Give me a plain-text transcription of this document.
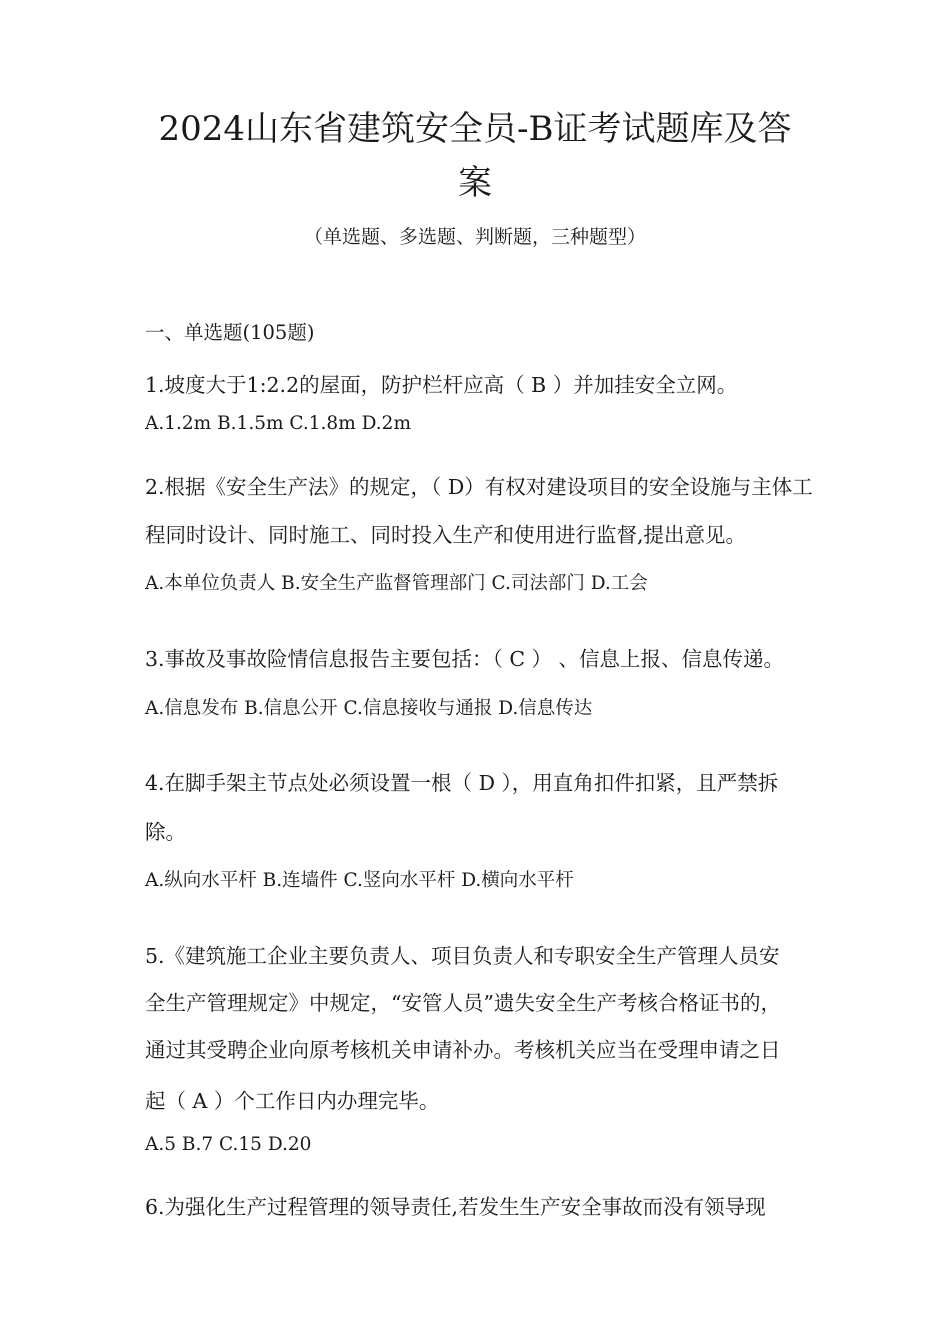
2024山东省建筑安全员-B证考试题库及答
案

（单选题、多选题、判断题，三种题型）

一、单选题(105题)

1.坡度大于1:2.2的屋面，防护栏杆应高（ B ）并加挂安全立网。

A.1.2m B.1.5m C.1.8m D.2m

2.根据《安全生产法》的规定，（ D）有权对建设项目的安全设施与主体工

程同时设计、同时施工、同时投入生产和使用进行监督,提出意见。

A.本单位负责人 B.安全生产监督管理部门 C.司法部门 D.工会

3.事故及事故险情信息报告主要包括：（ C ） 、信息上报、信息传递。

A.信息发布 B.信息公开 C.信息接收与通报 D.信息传达

4.在脚手架主节点处必须设置一根（ D ），用直角扣件扣紧，且严禁拆

除。

A.纵向水平杆 B.连墙件 C.竖向水平杆 D.横向水平杆

5.《建筑施工企业主要负责人、项目负责人和专职安全生产管理人员安

全生产管理规定》中规定，“安管人员”遗失安全生产考核合格证书的，

通过其受聘企业向原考核机关申请补办。考核机关应当在受理申请之日

起（ A ）个工作日内办理完毕。

A.5 B.7 C.15 D.20

6.为强化生产过程管理的领导责任,若发生生产安全事故而没有领导现
